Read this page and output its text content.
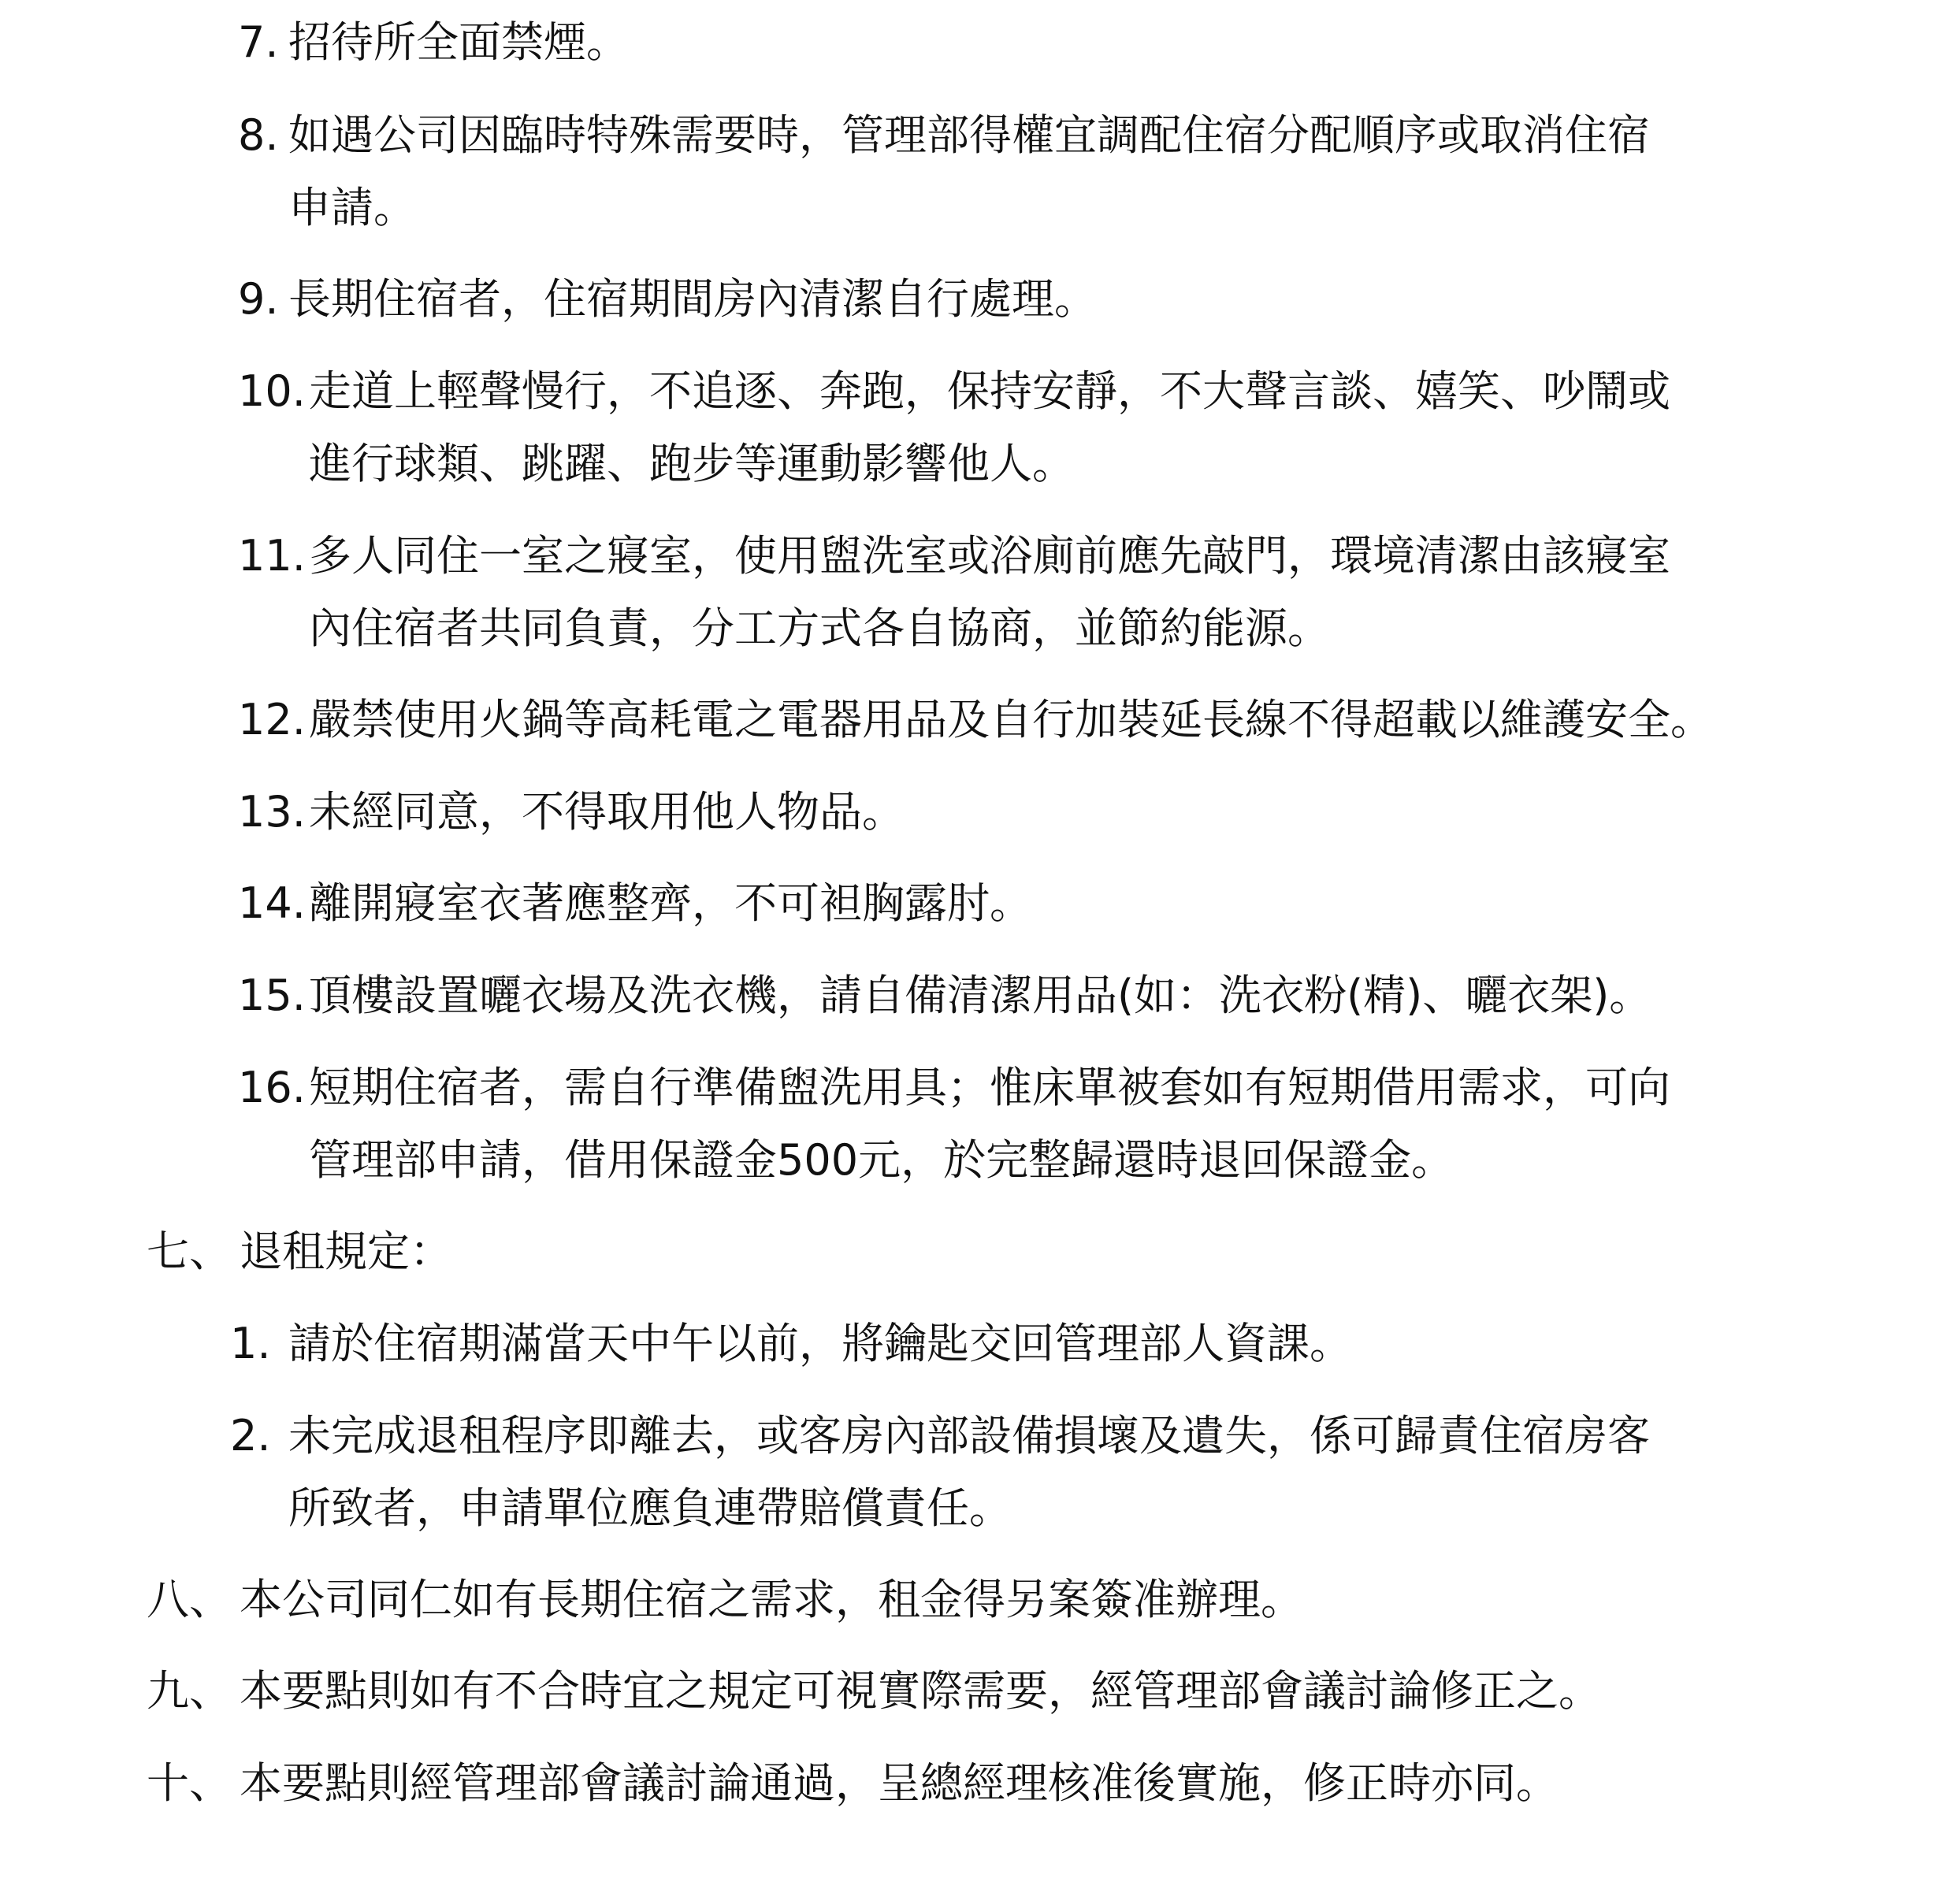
7. 招待所全面禁煙。
8. 如遇公司因臨時特殊需要時，管理部得權宜調配住宿分配順序或取消住宿
申請。
9. 長期住宿者，住宿期間房內清潔自行處理。
10. 走道上輕聲慢行，不追逐、奔跑，保持安靜，不大聲言談、嬉笑、吵鬧或
進行球類、跳躍、跑步等運動影響他人。
11. 多人同住一室之寢室，使用盥洗室或浴廁前應先敲門，環境清潔由該寢室
內住宿者共同負責，分工方式各自協商，並節約能源。
12. 嚴禁使用火鍋等高耗電之電器用品及自行加裝延長線不得超載以維護安全。
13. 未經同意，不得取用他人物品。
14. 離開寢室衣著應整齊，不可袒胸露肘。
15. 頂樓設置曬衣場及洗衣機，請自備清潔用品(如：洗衣粉(精)、曬衣架)。
16. 短期住宿者，需自行準備盥洗用具；惟床單被套如有短期借用需求，可向
管理部申請，借用保證金500元，於完整歸還時退回保證金。
七、 退租規定：
1. 請於住宿期滿當天中午以前，將鑰匙交回管理部人資課。
2. 未完成退租程序即離去，或客房內部設備損壞及遺失，係可歸責住宿房客
所致者，申請單位應負連帶賠償責任。
八、 本公司同仁如有長期住宿之需求，租金得另案簽准辦理。
九、 本要點則如有不合時宜之規定可視實際需要，經管理部會議討論修正之。
十、 本要點則經管理部會議討論通過，呈總經理核准後實施，修正時亦同。
